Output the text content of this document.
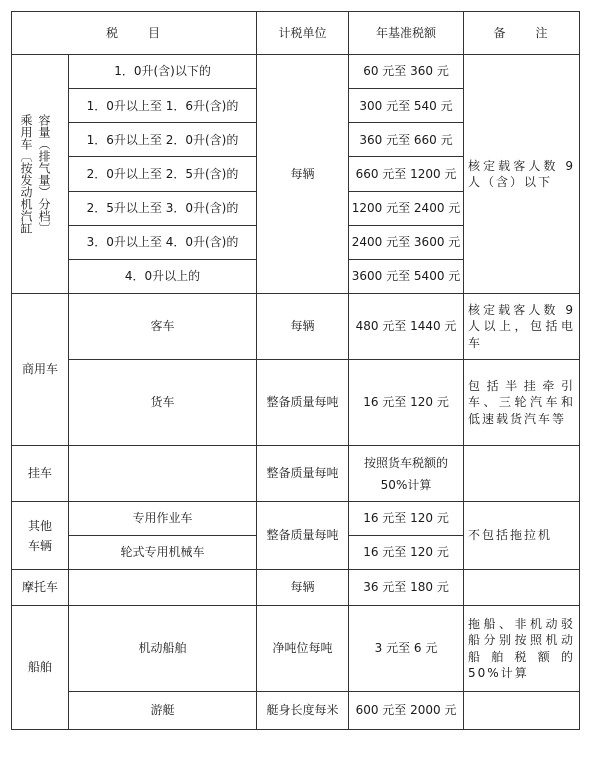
税　　目		计税单位	年基准税额	备　　注

容量（排气量）分档〕
乘用车〔按发动机汽缸	1．0升(含)以下的	每辆	60 元至 360 元	核定载客人数 9 人（含）以下
	1．0升以上至 1．6升(含)的		300 元至 540 元	
	1．6升以上至 2．0升(含)的		360 元至 660 元	
	2．0升以上至 2．5升(含)的		660 元至 1200 元	
	2．5升以上至 3．0升(含)的		1200 元至 2400 元	
	3．0升以上至 4．0升(含)的		2400 元至 3600 元	
	4．0升以上的		3600 元至 5400 元	
商用车	客车	每辆	480 元至 1440 元	核定载客人数 9 人以上，包括电车
	货车	整备质量每吨	16 元至 120 元	包括半挂牵引车、三轮汽车和低速载货汽车等
挂车		整备质量每吨	按照货车税额的 50%计算	
其他车辆	专用作业车	整备质量每吨	16 元至 120 元	不包括拖拉机
	轮式专用机械车		16 元至 120 元	
摩托车		每辆	36 元至 180 元	
船舶	机动船舶	净吨位每吨	3 元至 6 元	拖船、非机动驳船分别按照机动船舶税额的 50%计算
	游艇	艇身长度每米	600 元至 2000 元	
